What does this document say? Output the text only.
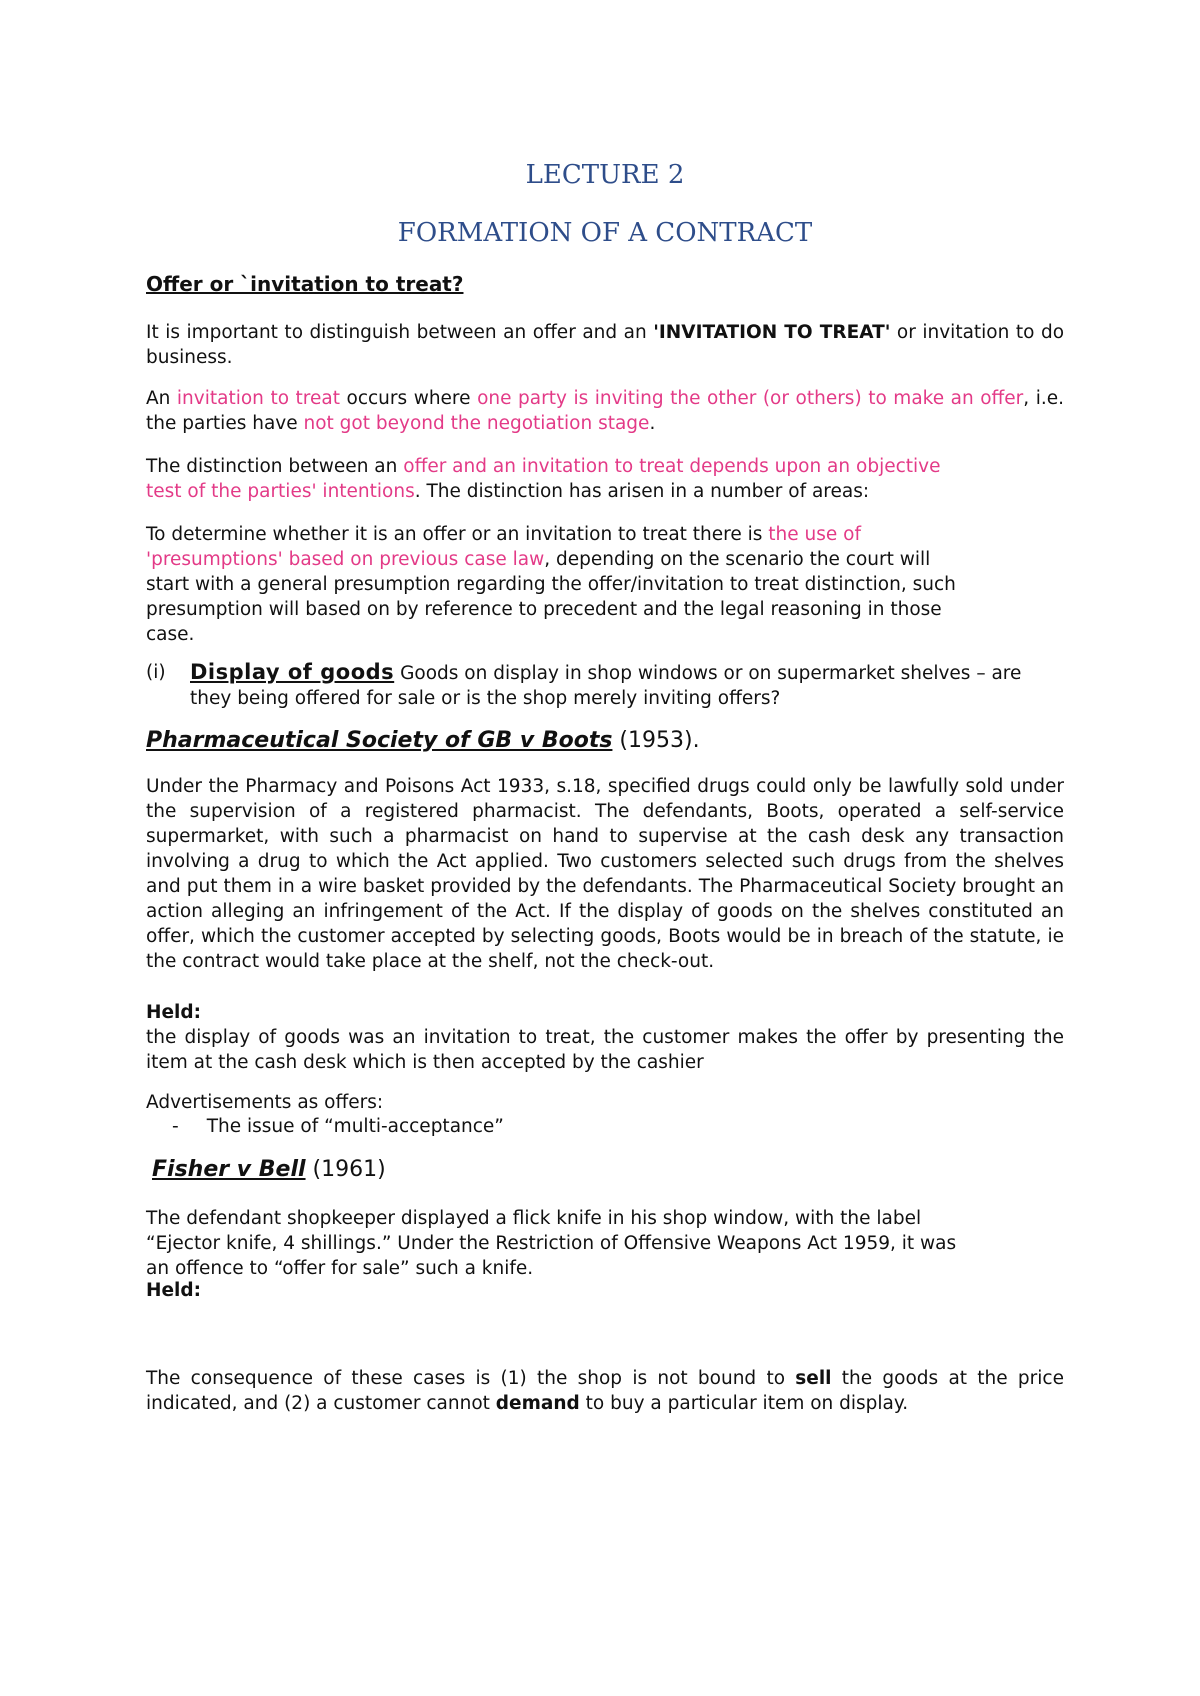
LECTURE 2
FORMATION OF A CONTRACT
Offer or `invitation to treat?
It is important to distinguish between an offer and an 'INVITATION TO TREAT' or invitation to do business.
An invitation to treat occurs where one party is inviting the other (or others) to make an offer, i.e. the parties have not got beyond the negotiation stage.
The distinction between an offer and an invitation to treat depends upon an objective test of the parties' intentions. The distinction has arisen in a number of areas:
To determine whether it is an offer or an invitation to treat there is the use of 'presumptions' based on previous case law, depending on the scenario the court will start with a general presumption regarding the offer/invitation to treat distinction, such presumption will based on by reference to precedent and the legal reasoning in those case.
(i) Display of goods Goods on display in shop windows or on supermarket shelves – are they being offered for sale or is the shop merely inviting offers?
Pharmaceutical Society of GB v Boots (1953).
Under the Pharmacy and Poisons Act 1933, s.18, specified drugs could only be lawfully sold under the supervision of a registered pharmacist. The defendants, Boots, operated a self-service supermarket, with such a pharmacist on hand to supervise at the cash desk any transaction involving a drug to which the Act applied. Two customers selected such drugs from the shelves and put them in a wire basket provided by the defendants. The Pharmaceutical Society brought an action alleging an infringement of the Act. If the display of goods on the shelves constituted an offer, which the customer accepted by selecting goods, Boots would be in breach of the statute, ie the contract would take place at the shelf, not the check-out.
Held:
the display of goods was an invitation to treat, the customer makes the offer by presenting the item at the cash desk which is then accepted by the cashier
Advertisements as offers:
- The issue of “multi-acceptance”
Fisher v Bell (1961)
The defendant shopkeeper displayed a flick knife in his shop window, with the label “Ejector knife, 4 shillings.” Under the Restriction of Offensive Weapons Act 1959, it was an offence to “offer for sale” such a knife.
Held:
The consequence of these cases is (1) the shop is not bound to sell the goods at the price indicated, and (2) a customer cannot demand to buy a particular item on display.
